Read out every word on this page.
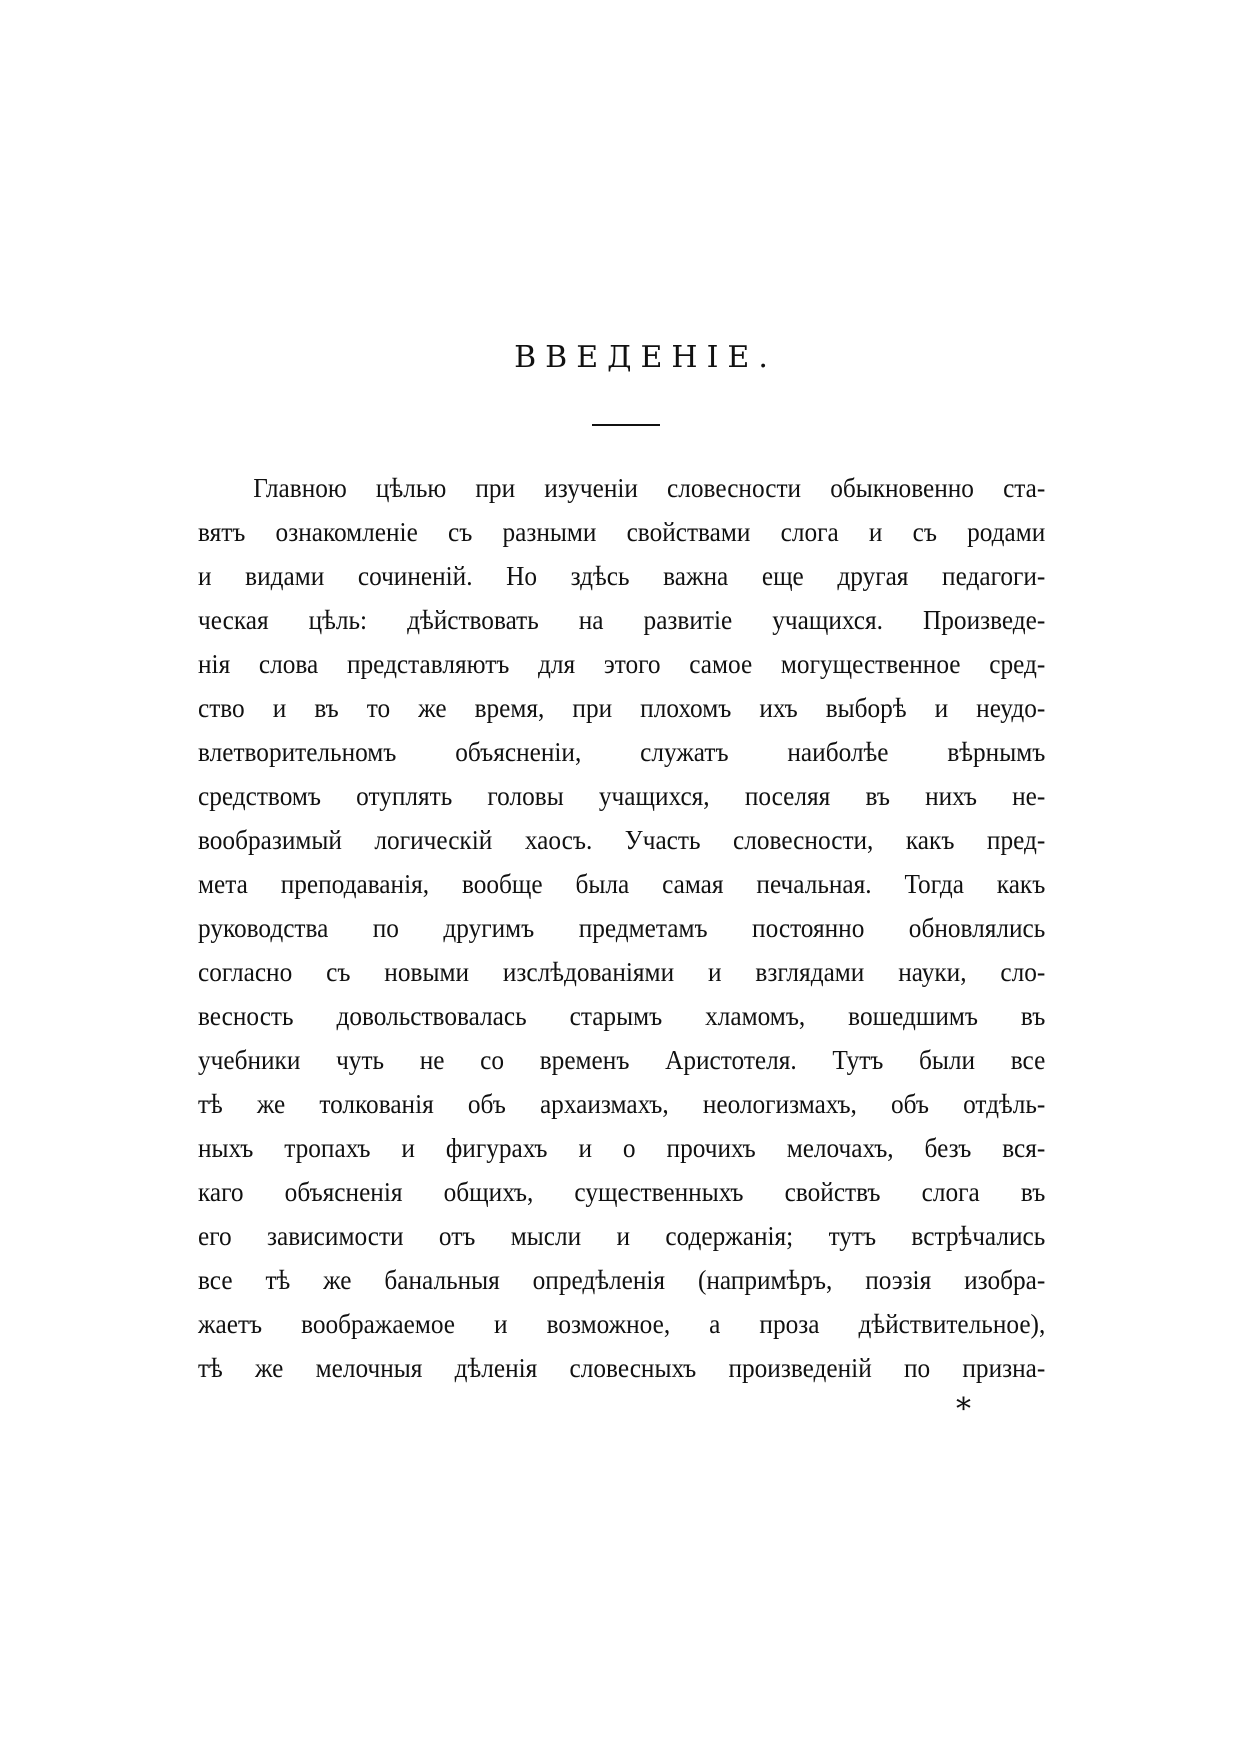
ВВЕДЕНІЕ.
Главною цѣлью при изученіи словесности обыкновенно ста-
вятъ ознакомленіе съ разными свойствами слога и съ родами
и видами сочиненій. Но здѣсь важна еще другая педагоги-
ческая цѣль: дѣйствовать на развитіе учащихся. Произведе-
нія слова представляютъ для этого самое могущественное сред-
ство и въ то же время, при плохомъ ихъ выборѣ и неудо-
влетворительномъ объясненіи, служатъ наиболѣе вѣрнымъ
средствомъ отуплять головы учащихся, поселяя въ нихъ не-
вообразимый логическій хаосъ. Участь словесности, какъ пред-
мета преподаванія, вообще была самая печальная. Тогда какъ
руководства по другимъ предметамъ постоянно обновлялись
согласно съ новыми изслѣдованіями и взглядами науки, сло-
весность довольствовалась старымъ хламомъ, вошедшимъ въ
учебники чуть не со временъ Аристотеля. Тутъ были все
тѣ же толкованія объ архаизмахъ, неологизмахъ, объ отдѣль-
ныхъ тропахъ и фигурахъ и о прочихъ мелочахъ, безъ вся-
каго объясненія общихъ, существенныхъ свойствъ слога въ
его зависимости отъ мысли и содержанія; тутъ встрѣчались
все тѣ же банальныя опредѣленія (напримѣръ, поэзія изобра-
жаетъ воображаемое и возможное, а проза дѣйствительное),
тѣ же мелочныя дѣленія словесныхъ произведеній по призна-
*
